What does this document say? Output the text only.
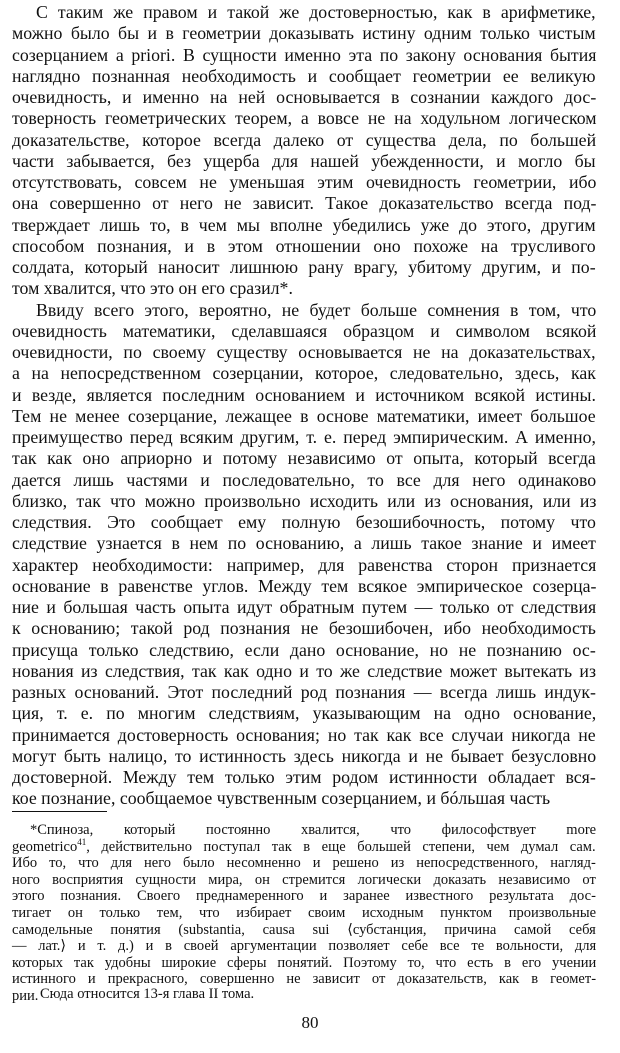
С таким же правом и такой же достоверностью, как в арифметике,
можно было бы и в геометрии доказывать истину одним только чистым
созерцанием a priori. В сущности именно эта по закону основания бытия
наглядно познанная необходимость и сообщает геометрии ее великую
очевидность, и именно на ней основывается в сознании каждого дос-
товерность геометрических теорем, а вовсе не на ходульном логическом
доказательстве, которое всегда далеко от существа дела, по большей
части забывается, без ущерба для нашей убежденности, и могло бы
отсутствовать, совсем не уменьшая этим очевидность геометрии, ибо
она совершенно от него не зависит. Такое доказательство всегда под-
тверждает лишь то, в чем мы вполне убедились уже до этого, другим
способом познания, и в этом отношении оно похоже на трусливого
солдата, который наносит лишнюю рану врагу, убитому другим, и по-
том хвалится, что это он его сразил*.
Ввиду всего этого, вероятно, не будет больше сомнения в том, что
очевидность математики, сделавшаяся образцом и символом всякой
очевидности, по своему существу основывается не на доказательствах,
а на непосредственном созерцании, которое, следовательно, здесь, как
и везде, является последним основанием и источником всякой истины.
Тем не менее созерцание, лежащее в основе математики, имеет большое
преимущество перед всяким другим, т. е. перед эмпирическим. А именно,
так как оно априорно и потому независимо от опыта, который всегда
дается лишь частями и последовательно, то все для него одинаково
близко, так что можно произвольно исходить или из основания, или из
следствия. Это сообщает ему полную безошибочность, потому что
следствие узнается в нем по основанию, а лишь такое знание и имеет
характер необходимости: например, для равенства сторон признается
основание в равенстве углов. Между тем всякое эмпирическое созерца-
ние и большая часть опыта идут обратным путем — только от следствия
к основанию; такой род познания не безошибочен, ибо необходимость
присуща только следствию, если дано основание, но не познанию ос-
нования из следствия, так как одно и то же следствие может вытекать из
разных оснований. Этот последний род познания — всегда лишь индук-
ция, т. е. по многим следствиям, указывающим на одно основание,
принимается достоверность основания; но так как все случаи никогда не
могут быть налицо, то истинность здесь никогда и не бывает безусловно
достоверной. Между тем только этим родом истинности обладает вся-
кое познание, сообщаемое чувственным созерцанием, и бóльшая часть
*Спиноза, который постоянно хвалится, что философствует more
geometrico$^{41}$, действительно поступал так в еще большей степени, чем думал сам.
Ибо то, что для него было несомненно и решено из непосредственного, нагляд-
ного восприятия сущности мира, он стремится логически доказать независимо от
этого познания. Своего преднамеренного и заранее известного результата дос-
тигает он только тем, что избирает своим исходным пунктом произвольные
самодельные понятия (substantia, causa sui ⟨субстанция, причина самой себя
— лат.⟩ и т. д.) и в своей аргументации позволяет себе все те вольности, для
которых так удобны широкие сферы понятий. Поэтому то, что есть в его учении
истинного и прекрасного, совершенно не зависит от доказательств, как в геомет-
рии. Сюда относится 13-я глава II тома.
80
